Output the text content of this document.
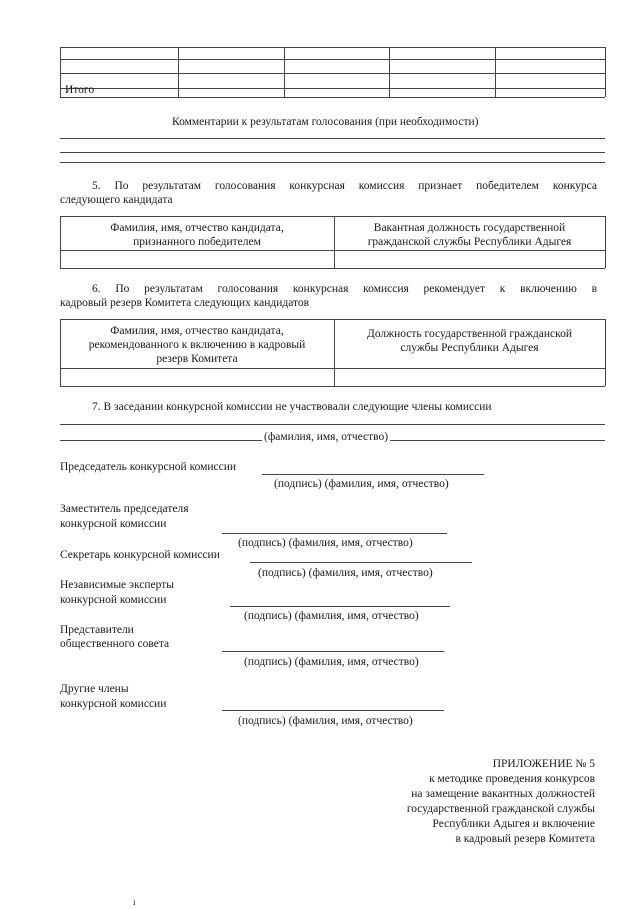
Итого
Комментарии к результатам голосования (при необходимости)
5. По результатам голосования конкурсная комиссия признает победителем конкурса
следующего кандидата
Фамилия, имя, отчество кандидата,
признанного победителем
Вакантная должность государственной
гражданской службы Республики Адыгея
6. По результатам голосования конкурсная комиссия рекомендует к включению в
кадровый резерв Комитета следующих кандидатов
Фамилия, имя, отчество кандидата,
рекомендованного к включению в кадровый
резерв Комитета
Должность государственной гражданской
службы Республики Адыгея
7. В заседании конкурсной комиссии не участвовали следующие члены комиссии
(фамилия, имя, отчество)
Председатель конкурсной комиссии
(подпись) (фамилия, имя, отчество)
Заместитель председателя
конкурсной комиссии
(подпись) (фамилия, имя, отчество)
Секретарь конкурсной комиссии
(подпись) (фамилия, имя, отчество)
Независимые эксперты
конкурсной комиссии
(подпись) (фамилия, имя, отчество)
Представители
общественного совета
(подпись) (фамилия, имя, отчество)
Другие члены
конкурсной комиссии
(подпись) (фамилия, имя, отчество)
ПРИЛОЖЕНИЕ № 5
к методике проведения конкурсов
на замещение вакантных должностей
государственной гражданской службы
Республики Адыгея и включение
в кадровый резерв Комитета
ı
